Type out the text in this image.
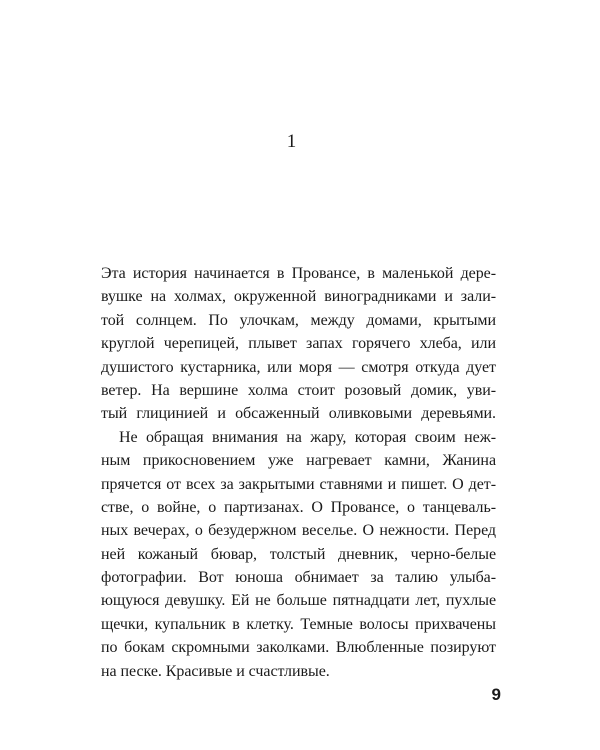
1
Эта история начинается в Провансе, в маленькой дере-
вушке на холмах, окруженной виноградниками и зали-
той солнцем. По улочкам, между домами, крытыми
круглой черепицей, плывет запах горячего хлеба, или
душистого кустарника, или моря — смотря откуда дует
ветер. На вершине холма стоит розовый домик, уви-
тый глицинией и обсаженный оливковыми деревьями.
Не обращая внимания на жару, которая своим неж-
ным прикосновением уже нагревает камни, Жанина
прячется от всех за закрытыми ставнями и пишет. О дет-
стве, о войне, о партизанах. О Провансе, о танцеваль-
ных вечерах, о безудержном веселье. О нежности. Перед
ней кожаный бювар, толстый дневник, черно-белые
фотографии. Вот юноша обнимает за талию улыба-
ющуюся девушку. Ей не больше пятнадцати лет, пухлые
щечки, купальник в клетку. Темные волосы прихвачены
по бокам скромными заколками. Влюбленные позируют
на песке. Красивые и счастливые.
9
